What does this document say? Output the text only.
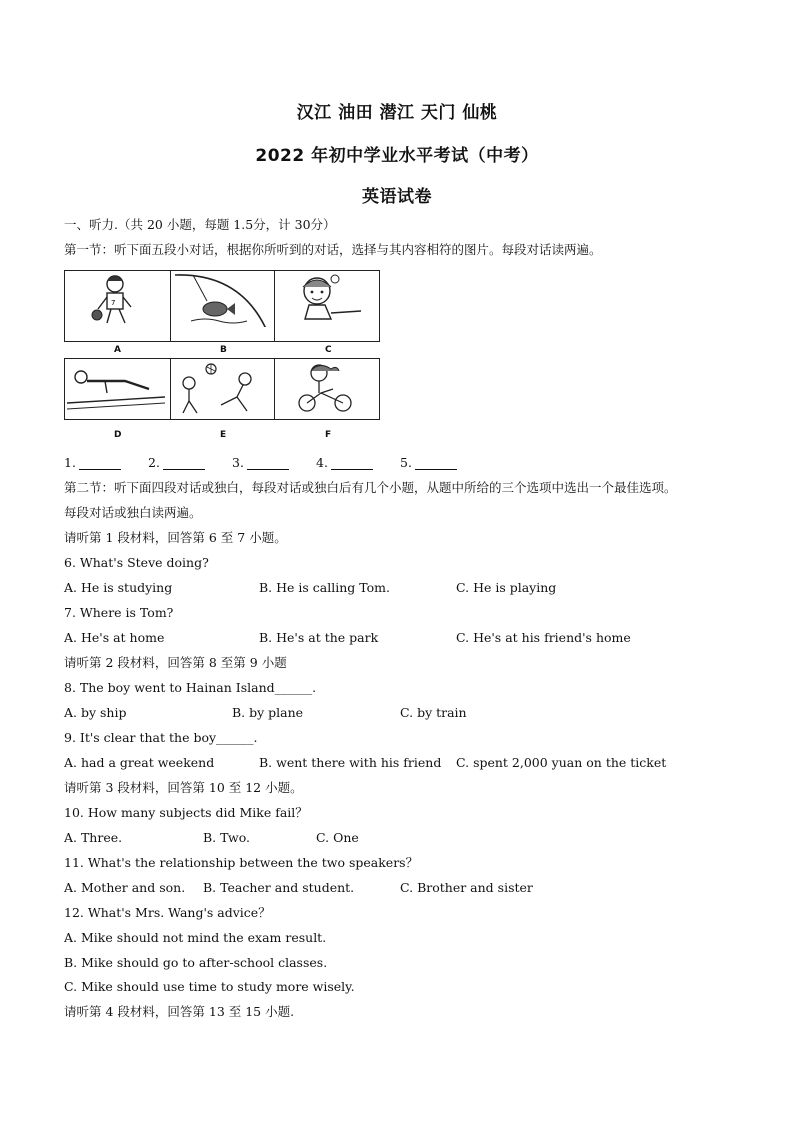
汉江 油田 潜江 天门 仙桃
2022 年初中学业水平考试（中考）
英语试卷
一、听力.（共 20 小题，每题 1.5分，计 30分）
第一节：听下面五段小对话，根据你所听到的对话，选择与其内容相符的图片。每段对话读两遍。
7
A	B	C
D	E	F
1.	2.	3.	4.	5.
第二节：听下面四段对话或独白，每段对话或独白后有几个小题，从题中所给的三个选项中选出一个最佳选项。
每段对话或独白读两遍。
请听第 1 段材料，回答第 6 至 7 小题。
6. What's Steve doing?
A. He is studying	B. He is calling Tom.	C. He is playing
7. Where is Tom?
A. He's at home	B. He's at the park	C. He's at his friend's home
请听第 2 段材料，回答第 8 至第 9 小题
8. The boy went to Hainan Island______.
A. by ship	B. by plane	C. by train
9. It's clear that the boy______.
A. had a great weekend	B. went there with his friend C. spent 2,000 yuan on the ticket
请听第 3 段材料，回答第 10 至 12 小题。
10. How many subjects did Mike fail？
A. Three.	B. Two.	C. One
11. What's the relationship between the two speakers？
A. Mother and son. B. Teacher and student.	C. Brother and sister
12. What's Mrs. Wang's advice？
A. Mike should not mind the exam result.
B. Mike should go to after-school classes.
C. Mike should use time to study more wisely.
请听第 4 段材料，回答第 13 至 15 小题.
